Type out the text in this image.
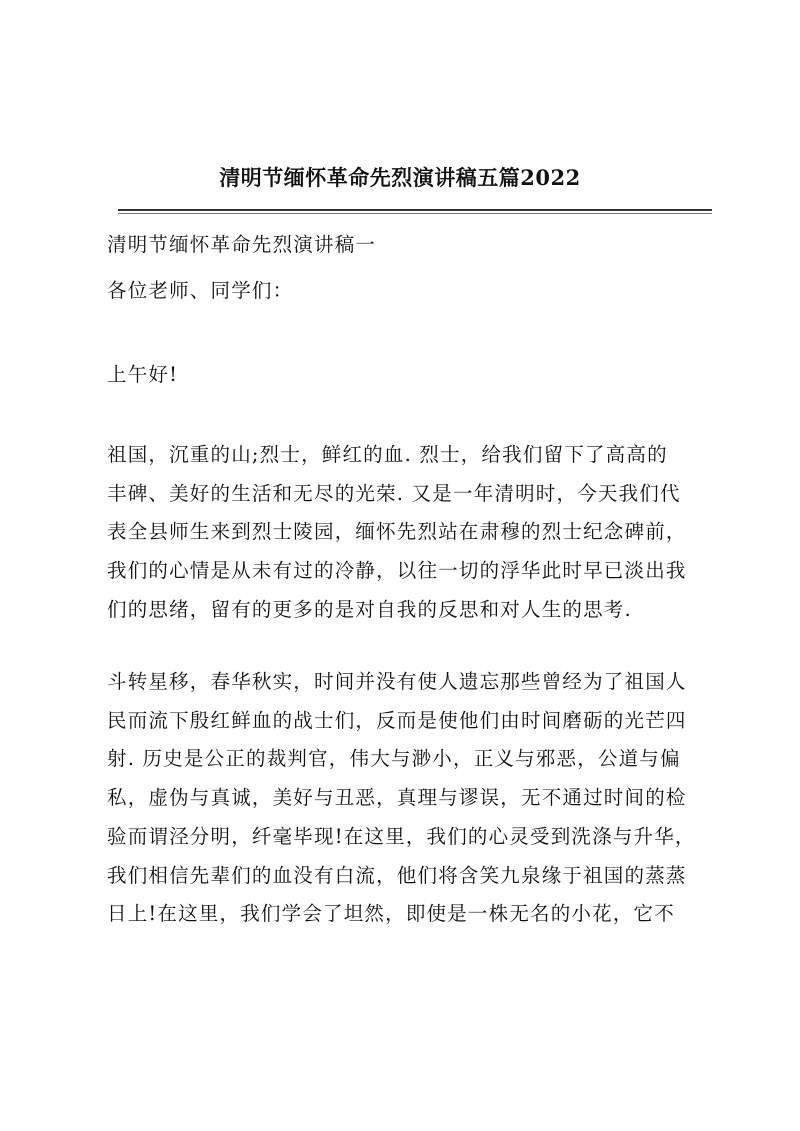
清明节缅怀革命先烈演讲稿五篇2022
清明节缅怀革命先烈演讲稿一
各位老师、同学们：
上午好!
祖国，沉重的山;烈士，鲜红的血. 烈士，给我们留下了高高的
丰碑、美好的生活和无尽的光荣. 又是一年清明时，今天我们代
表全县师生来到烈士陵园，缅怀先烈站在肃穆的烈士纪念碑前，
我们的心情是从未有过的冷静，以往一切的浮华此时早已淡出我
们的思绪，留有的更多的是对自我的反思和对人生的思考.
斗转星移，春华秋实，时间并没有使人遗忘那些曾经为了祖国人
民而流下殷红鲜血的战士们，反而是使他们由时间磨砺的光芒四
射. 历史是公正的裁判官，伟大与渺小，正义与邪恶，公道与偏
私，虚伪与真诚，美好与丑恶，真理与谬误，无不通过时间的检
验而谓泾分明，纤毫毕现!在这里，我们的心灵受到洗涤与升华，
我们相信先辈们的血没有白流，他们将含笑九泉缘于祖国的蒸蒸
日上!在这里，我们学会了坦然，即使是一株无名的小花，它不
